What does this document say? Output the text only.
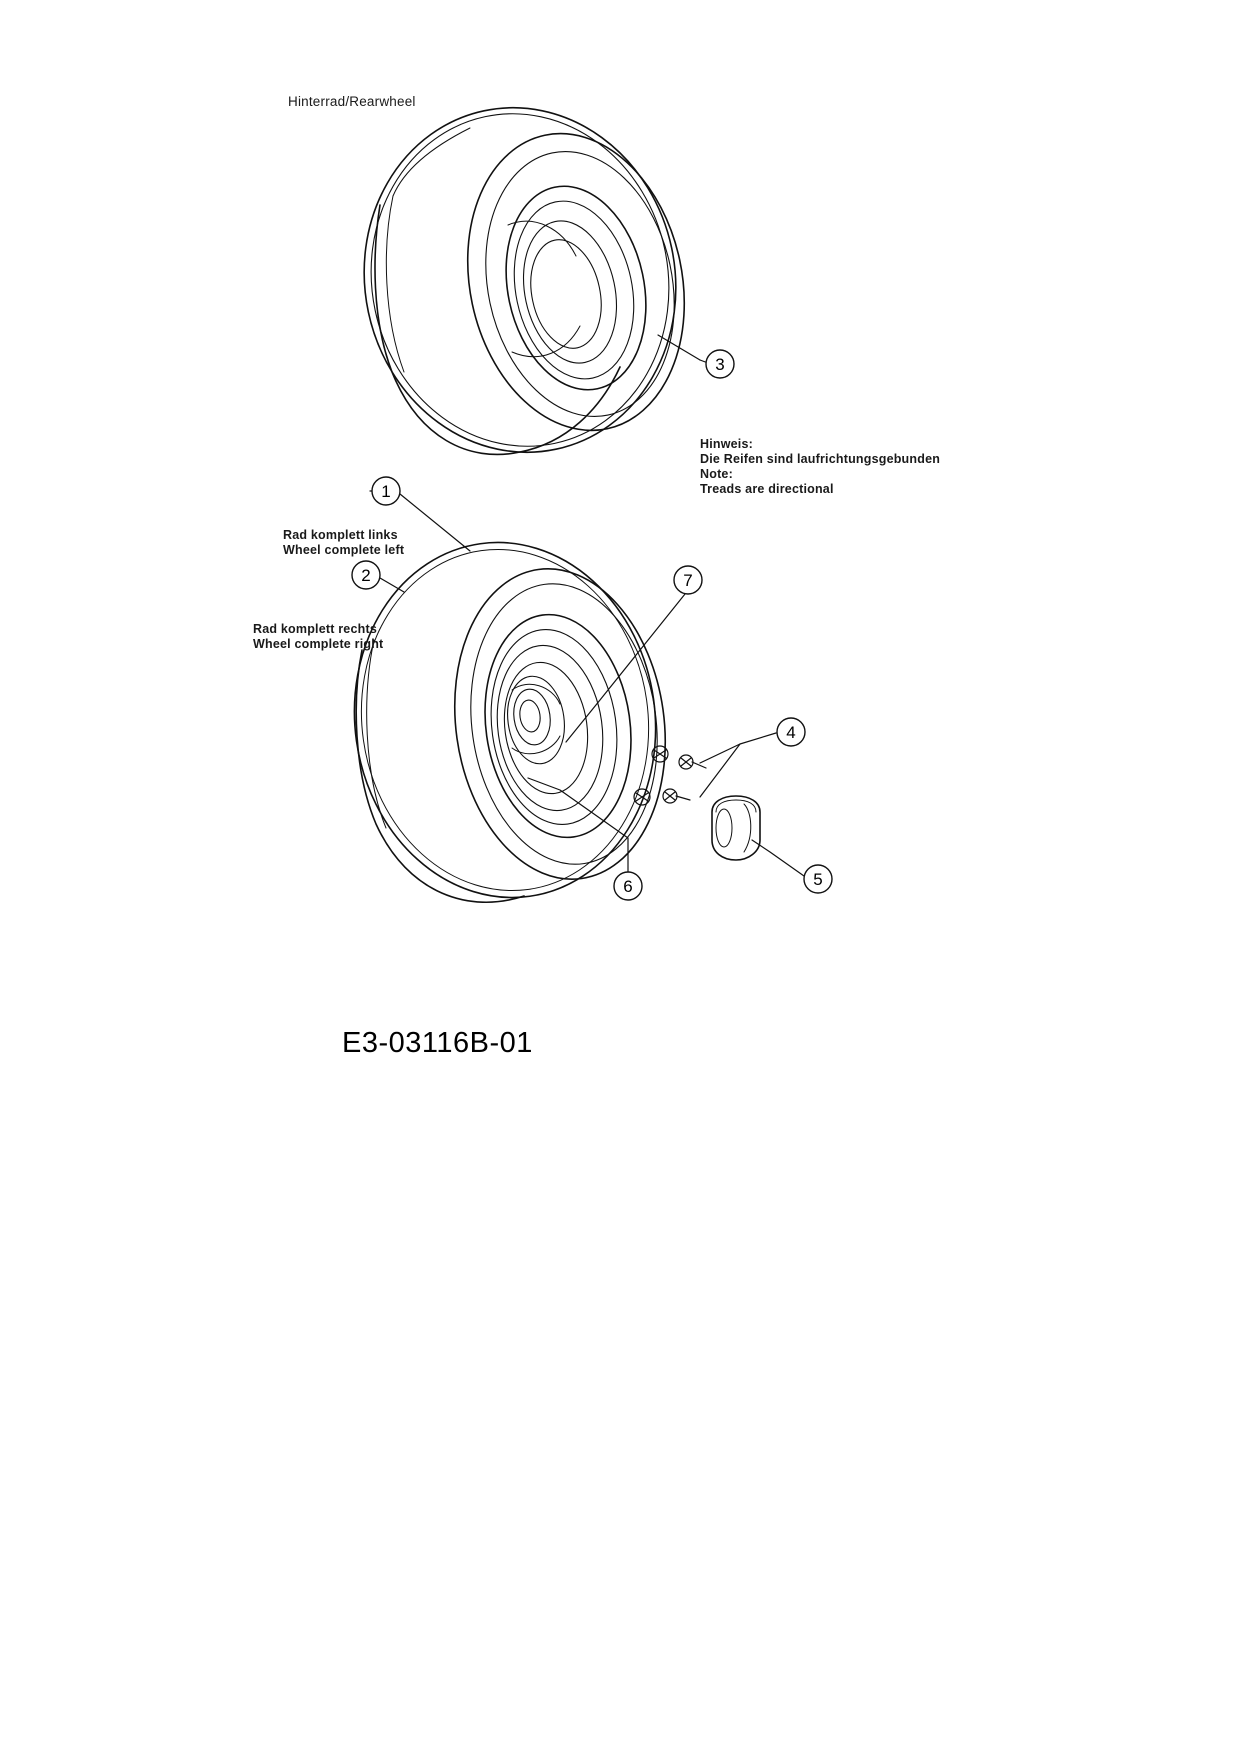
1
2
3
4
5
6
7
Hinterrad/Rearwheel
Hinweis:
Die Reifen sind laufrichtungsgebunden
Note:
Treads are directional
Rad komplett links
Wheel complete left
Rad komplett rechts
Wheel complete right
E3-03116B-01
